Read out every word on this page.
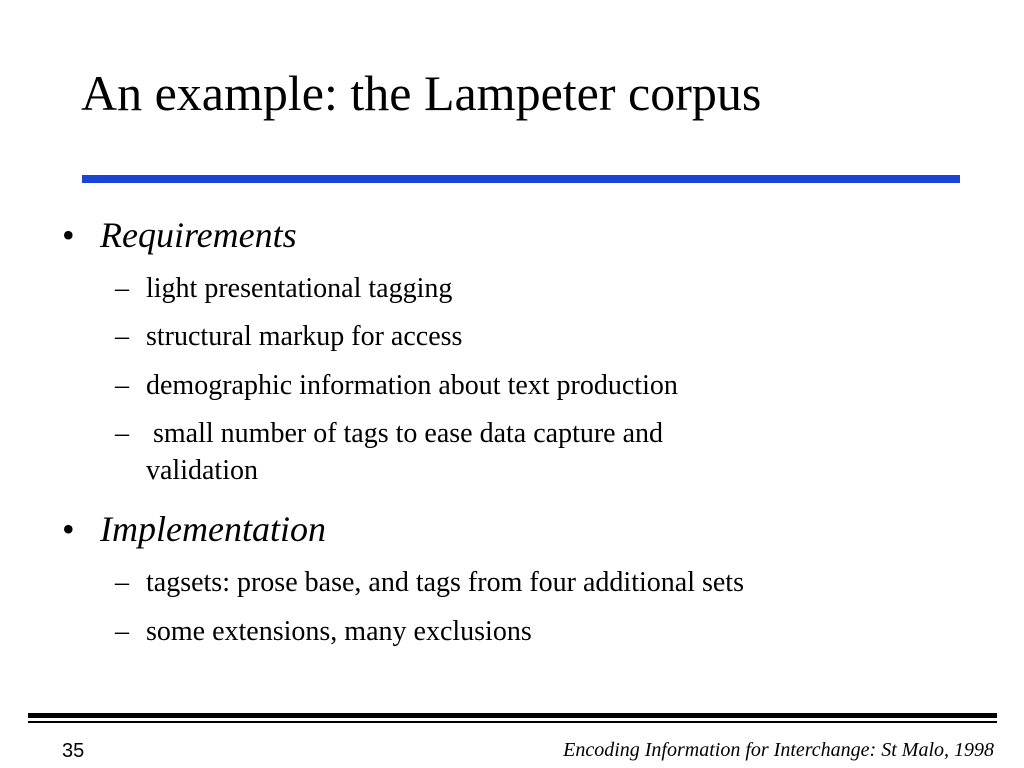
An example: the Lampeter corpus
• Requirements
– light presentational tagging
– structural markup for access
– demographic information about text production
– small number of tags to ease data capture and
validation
• Implementation
– tagsets: prose base, and tags from four additional sets
– some extensions, many exclusions
35	Encoding Information for Interchange: St Malo, 1998
